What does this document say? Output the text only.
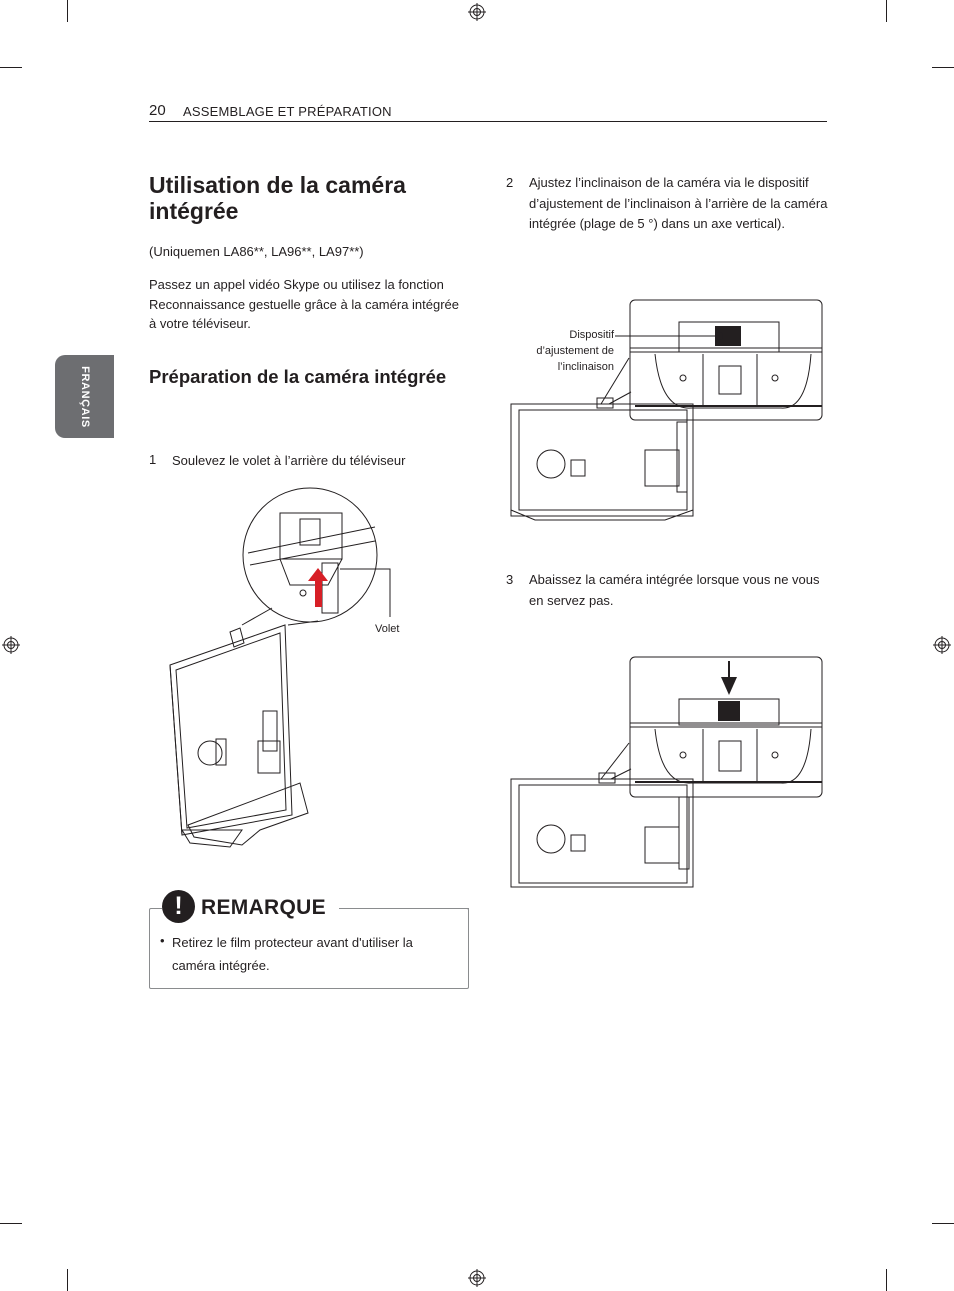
20 ASSEMBLAGE ET PRÉPARATION
FRANÇAIS
Utilisation de la caméra intégrée
(Uniquemen LA86**, LA96**, LA97**)
Passez un appel vidéo Skype ou utilisez la fonction Reconnaissance gestuelle grâce à la caméra intégrée à votre téléviseur.
Préparation de la caméra intégrée
1 Soulevez le volet à l’arrière du téléviseur
Volet
! REMARQUE
• Retirez le film protecteur avant d'utiliser la caméra intégrée.
2 Ajustez l’inclinaison de la caméra via le dispositif d’ajustement de l’inclinaison à l’arrière de la caméra intégrée (plage de 5 °) dans un axe vertical).
Dispositif d’ajustement de l’inclinaison
3 Abaissez la caméra intégrée lorsque vous ne vous en servez pas.
